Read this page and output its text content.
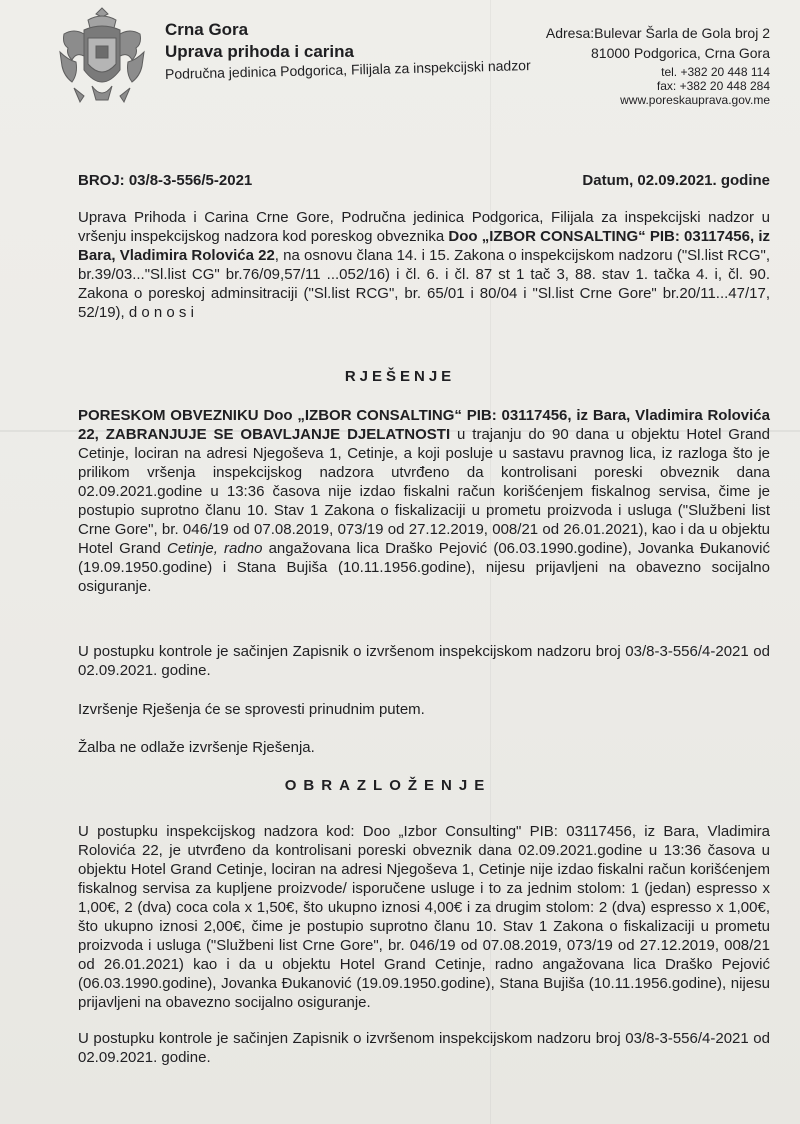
Crna Gora
Uprava prihoda i carina
Područna jedinica Podgorica, Filijala za inspekcijski nadzor
Adresa:Bulevar Šarla de Gola broj 2
81000 Podgorica, Crna Gora
tel. +382 20 448 114
fax: +382 20 448 284
www.poreskauprava.gov.me
BROJ: 03/8-3-556/5-2021	Datum, 02.09.2021. godine
Uprava Prihoda i Carina Crne Gore, Područna jedinica Podgorica, Filijala za inspekcijski nadzor u vršenju inspekcijskog nadzora kod poreskog obveznika Doo „IZBOR CONSALTING“ PIB: 03117456, iz Bara, Vladimira Rolovića 22, na osnovu člana 14. i 15. Zakona o inspekcijskom nadzoru ("Sl.list RCG", br.39/03..."Sl.list CG" br.76/09,57/11 ...052/16) i čl. 6. i čl. 87 st 1 tač 3, 88. stav 1. tačka 4. i, čl. 90. Zakona o poreskoj adminsitraciji ("Sl.list RCG", br. 65/01 i 80/04 i "Sl.list Crne Gore" br.20/11...47/17, 52/19), d o n o s i
RJEŠENJE
PORESKOM OBVEZNIKU Doo „IZBOR CONSALTING“ PIB: 03117456, iz Bara, Vladimira Rolovića 22, ZABRANJUJE SE OBAVLJANJE DJELATNOSTI u trajanju do 90 dana u objektu Hotel Grand Cetinje, lociran na adresi Njegoševa 1, Cetinje, a koji posluje u sastavu pravnog lica, iz razloga što je prilikom vršenja inspekcijskog nadzora utvrđeno da kontrolisani poreski obveznik dana 02.09.2021.godine u 13:36 časova nije izdao fiskalni račun korišćenjem fiskalnog servisa, čime je postupio suprotno članu 10. Stav 1 Zakona o fiskalizaciji u prometu proizvoda i usluga ("Službeni list Crne Gore", br. 046/19 od 07.08.2019, 073/19 od 27.12.2019, 008/21 od 26.01.2021), kao i da u objektu Hotel Grand Cetinje, radno angažovana lica Draško Pejović (06.03.1990.godine), Jovanka Đukanović (19.09.1950.godine) i Stana Bujiša (10.11.1956.godine), nijesu prijavljeni na obavezno socijalno osiguranje.
U postupku kontrole je sačinjen Zapisnik o izvršenom inspekcijskom nadzoru broj 03/8-3-556/4-2021 od 02.09.2021. godine.
Izvršenje Rješenja će se sprovesti prinudnim putem.
Žalba ne odlaže izvršenje Rješenja.
OBRAZLOŽENJE
U postupku inspekcijskog nadzora kod: Doo „Izbor Consulting" PIB: 03117456, iz Bara, Vladimira Rolovića 22, je utvrđeno da kontrolisani poreski obveznik dana 02.09.2021.godine u 13:36 časova u objektu Hotel Grand Cetinje, lociran na adresi Njegoševa 1, Cetinje nije izdao fiskalni račun korišćenjem fiskalnog servisa za kupljene proizvode/ isporučene usluge i to za jednim stolom: 1 (jedan) espresso x 1,00€, 2 (dva) coca cola x 1,50€, što ukupno iznosi 4,00€ i za drugim stolom: 2 (dva) espresso x 1,00€, što ukupno iznosi 2,00€, čime je postupio suprotno članu 10. Stav 1 Zakona o fiskalizaciji u prometu proizvoda i usluga ("Službeni list Crne Gore", br. 046/19 od 07.08.2019, 073/19 od 27.12.2019, 008/21 od 26.01.2021) kao i da u objektu Hotel Grand Cetinje, radno angažovana lica Draško Pejović (06.03.1990.godine), Jovanka Đukanović (19.09.1950.godine), Stana Bujiša (10.11.1956.godine), nijesu prijavljeni na obavezno socijalno osiguranje.
U postupku kontrole je sačinjen Zapisnik o izvršenom inspekcijskom nadzoru broj 03/8-3-556/4-2021 od 02.09.2021. godine.
